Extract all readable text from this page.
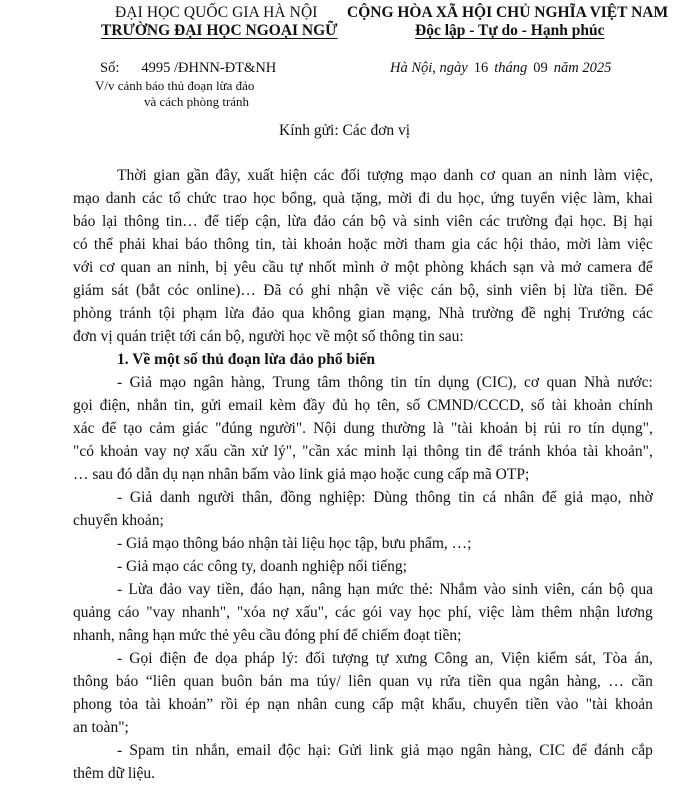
ĐẠI HỌC QUỐC GIA HÀ NỘI
TRƯỜNG ĐẠI HỌC NGOẠI NGỮ
CỘNG HÒA XÃ HỘI CHỦ NGHĨA VIỆT NAM
Độc lập - Tự do - Hạnh phúc
Số: 4995 /ĐHNN-ĐT&NH
V/v cảnh báo thủ đoạn lừa đảo
và cách phòng tránh
Hà Nội, ngày 16 tháng 09 năm 2025
Kính gửi: Các đơn vị
Thời gian gần đây, xuất hiện các đối tượng mạo danh cơ quan an ninh làm việc,
mạo danh các tổ chức trao học bổng, quà tặng, mời đi du học, ứng tuyển việc làm, khai
báo lại thông tin… để tiếp cận, lừa đảo cán bộ và sinh viên các trường đại học. Bị hại
có thể phải khai báo thông tin, tài khoản hoặc mời tham gia các hội thảo, mời làm việc
với cơ quan an ninh, bị yêu cầu tự nhốt mình ở một phòng khách sạn và mở camera để
giám sát (bắt cóc online)… Đã có ghi nhận về việc cán bộ, sinh viên bị lừa tiền. Để
phòng tránh tội phạm lừa đảo qua không gian mạng, Nhà trường đề nghị Trưởng các
đơn vị quán triệt tới cán bộ, người học về một số thông tin sau:
1. Về một số thủ đoạn lừa đảo phổ biến
- Giả mạo ngân hàng, Trung tâm thông tin tín dụng (CIC), cơ quan Nhà nước:
gọi điện, nhắn tin, gửi email kèm đầy đủ họ tên, số CMND/CCCD, số tài khoản chính
xác để tạo cảm giác "đúng người". Nội dung thường là "tài khoản bị rủi ro tín dụng",
"có khoản vay nợ xấu cần xử lý", "cần xác minh lại thông tin để tránh khóa tài khoản",
… sau đó dẫn dụ nạn nhân bấm vào link giả mạo hoặc cung cấp mã OTP;
- Giả danh người thân, đồng nghiệp: Dùng thông tin cá nhân để giả mạo, nhờ
chuyển khoản;
- Giả mạo thông báo nhận tài liệu học tập, bưu phẩm, …;
- Giả mạo các công ty, doanh nghiệp nổi tiếng;
- Lừa đảo vay tiền, đáo hạn, nâng hạn mức thẻ: Nhắm vào sinh viên, cán bộ qua
quảng cáo "vay nhanh", "xóa nợ xấu", các gói vay học phí, việc làm thêm nhận lương
nhanh, nâng hạn mức thẻ yêu cầu đóng phí để chiếm đoạt tiền;
- Gọi điện đe dọa pháp lý: đối tượng tự xưng Công an, Viện kiểm sát, Tòa án,
thông báo “liên quan buôn bán ma túy/ liên quan vụ rửa tiền qua ngân hàng, … cần
phong tỏa tài khoản” rồi ép nạn nhân cung cấp mật khẩu, chuyển tiền vào "tài khoản
an toàn";
- Spam tin nhắn, email độc hại: Gửi link giả mạo ngân hàng, CIC để đánh cắp
thêm dữ liệu.
